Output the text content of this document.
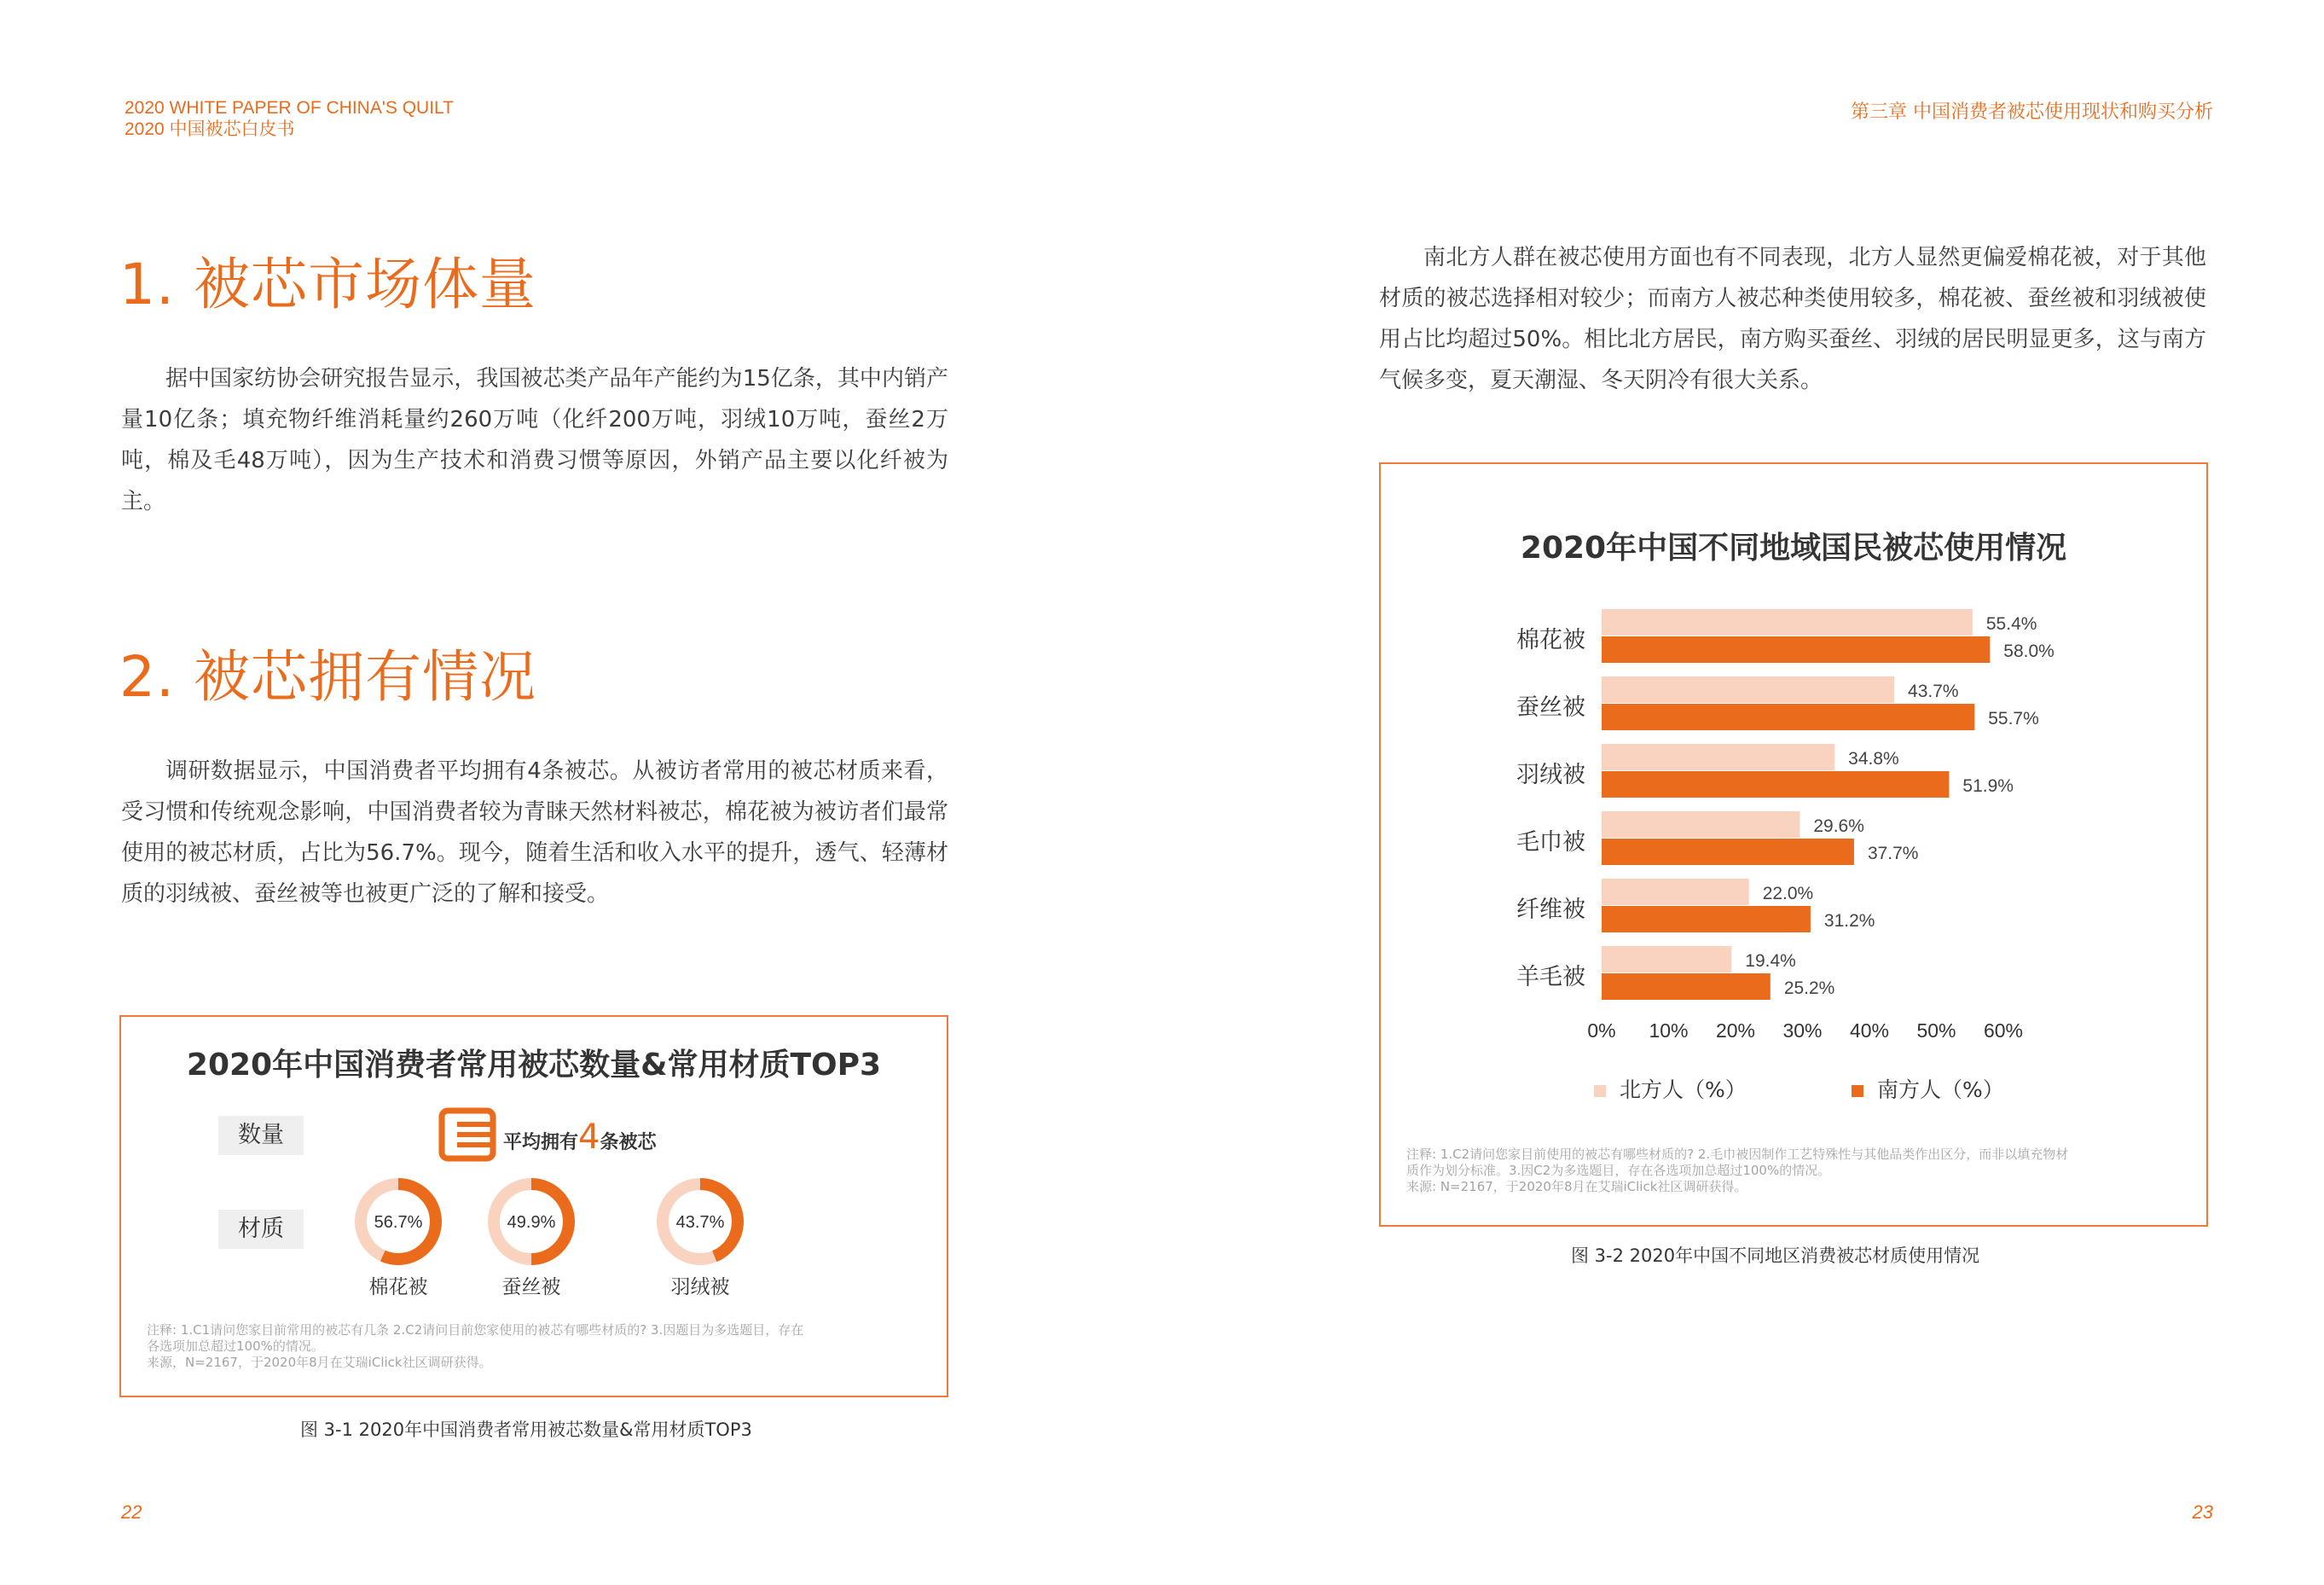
2020 WHITE PAPER OF CHINA'S QUILT
2020 中国被芯白皮书
第三章 中国消费者被芯使用现状和购买分析
1. 被芯市场体量
据中国家纺协会研究报告显示，我国被芯类产品年产能约为15亿条，其中内销产量10亿条；填充物纤维消耗量约260万吨（化纤200万吨，羽绒10万吨，蚕丝2万吨，棉及毛48万吨），因为生产技术和消费习惯等原因，外销产品主要以化纤被为主。
2. 被芯拥有情况
调研数据显示，中国消费者平均拥有4条被芯。从被访者常用的被芯材质来看，受习惯和传统观念影响，中国消费者较为青睐天然材料被芯，棉花被为被访者们最常使用的被芯材质，占比为56.7%。现今，随着生活和收入水平的提升，透气、轻薄材质的羽绒被、蚕丝被等也被更广泛的了解和接受。
2020年中国消费者常用被芯数量&常用材质TOP3
数量
材质
平均拥有4条被芯
56.7%	49.9%	43.7%
棉花被	蚕丝被	羽绒被
注释: 1.C1请问您家目前常用的被芯有几条 2.C2请问目前您家使用的被芯有哪些材质的? 3.因题目为多选题目，存在
各选项加总超过100%的情况。
来源，N=2167，于2020年8月在艾瑞iClick社区调研获得。
图 3-1 2020年中国消费者常用被芯数量&常用材质TOP3
22
南北方人群在被芯使用方面也有不同表现，北方人显然更偏爱棉花被，对于其他材质的被芯选择相对较少；而南方人被芯种类使用较多，棉花被、蚕丝被和羽绒被使用占比均超过50%。相比北方居民，南方购买蚕丝、羽绒的居民明显更多，这与南方气候多变，夏天潮湿、冬天阴冷有很大关系。
2020年中国不同地域国民被芯使用情况
棉花被
蚕丝被
羽绒被
毛巾被
纤维被
羊毛被
55.4%
58.0%
43.7%
55.7%
34.8%
51.9%
29.6%
37.7%
22.0%
31.2%
19.4%
25.2%
0% 10% 20% 30% 40% 50% 60%
北方人（%）	南方人（%）
注释: 1.C2请问您家目前使用的被芯有哪些材质的? 2.毛巾被因制作工艺特殊性与其他品类作出区分，而非以填充物材
质作为划分标准。3.因C2为多选题目，存在各选项加总超过100%的情况。
来源: N=2167，于2020年8月在艾瑞iClick社区调研获得。
图 3-2 2020年中国不同地区消费被芯材质使用情况
23
